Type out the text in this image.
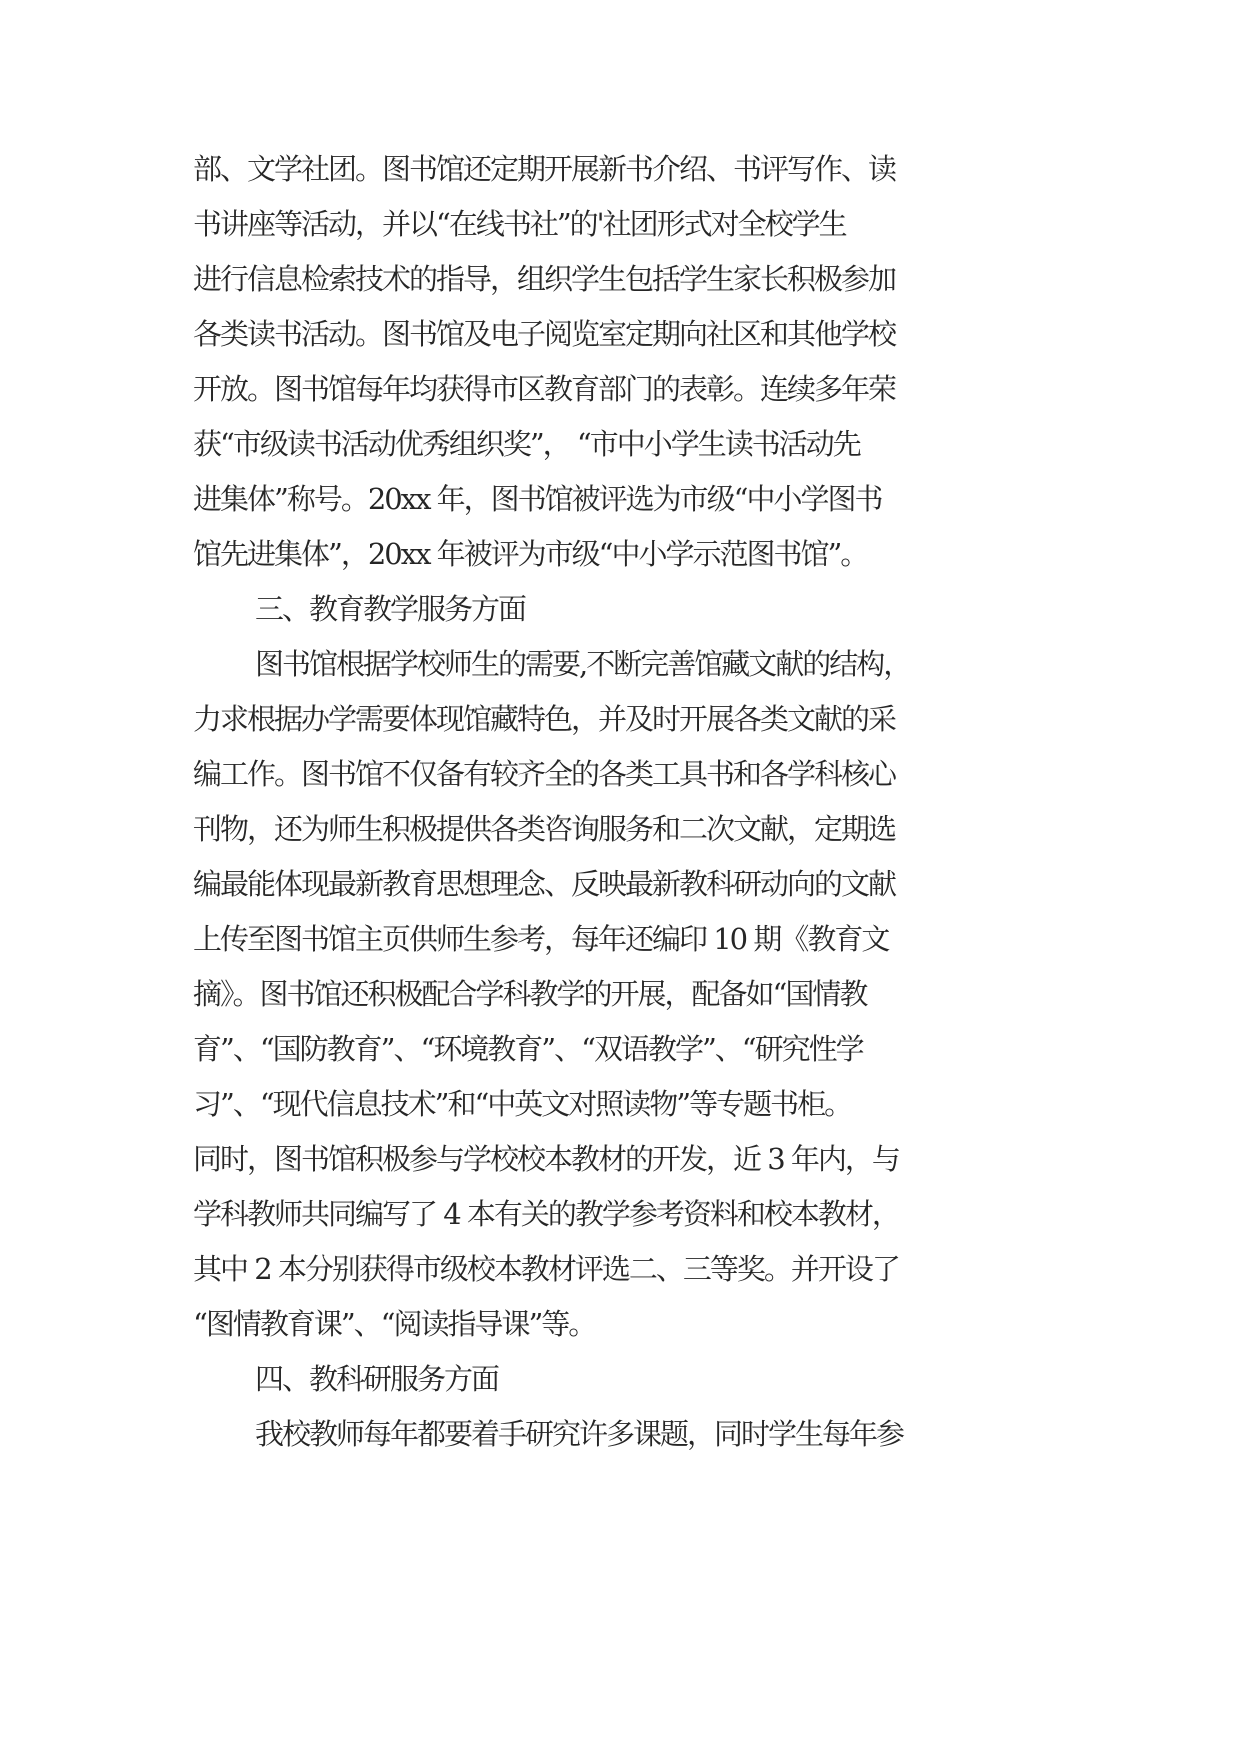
部、文学社团。图书馆还定期开展新书介绍、书评写作、读
书讲座等活动，并以“在线书社”的'社团形式对全校学生
进行信息检索技术的指导，组织学生包括学生家长积极参加
各类读书活动。图书馆及电子阅览室定期向社区和其他学校
开放。图书馆每年均获得市区教育部门的表彰。连续多年荣
获“市级读书活动优秀组织奖”， “市中小学生读书活动先
进集体”称号。20xx 年，图书馆被评选为市级“中小学图书
馆先进集体”，20xx 年被评为市级“中小学示范图书馆”。
三、教育教学服务方面
图书馆根据学校师生的需要,不断完善馆藏文献的结构，
力求根据办学需要体现馆藏特色，并及时开展各类文献的采
编工作。图书馆不仅备有较齐全的各类工具书和各学科核心
刊物，还为师生积极提供各类咨询服务和二次文献，定期选
编最能体现最新教育思想理念、反映最新教科研动向的文献
上传至图书馆主页供师生参考，每年还编印 10 期《教育文
摘》。图书馆还积极配合学科教学的开展，配备如“国情教
育”、“国防教育”、“环境教育”、“双语教学”、“研究性学
习”、“现代信息技术”和“中英文对照读物”等专题书柜。
同时，图书馆积极参与学校校本教材的开发，近 3 年内，与
学科教师共同编写了 4 本有关的教学参考资料和校本教材，
其中 2 本分别获得市级校本教材评选二、三等奖。并开设了
“图情教育课”、“阅读指导课”等。
四、教科研服务方面
我校教师每年都要着手研究许多课题，同时学生每年参
